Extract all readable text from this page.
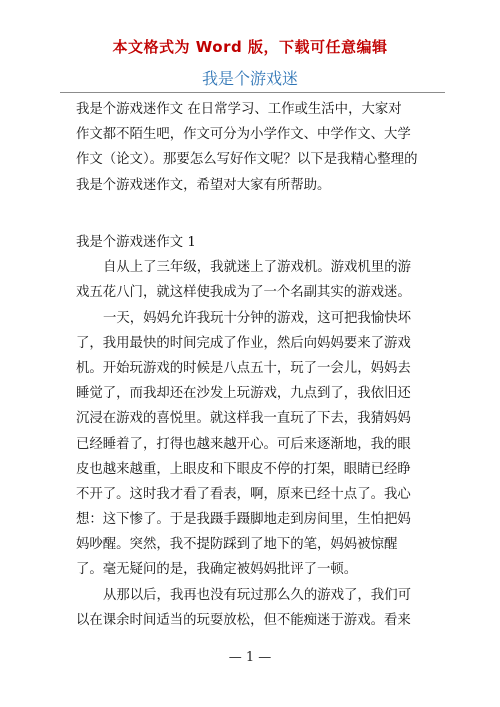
本文格式为 Word 版，下载可任意编辑
我是个游戏迷
我是个游戏迷作文 在日常学习、工作或生活中，大家对
作文都不陌生吧，作文可分为小学作文、中学作文、大学
作文（论文）。那要怎么写好作文呢？以下是我精心整理的
我是个游戏迷作文，希望对大家有所帮助。
我是个游戏迷作文 1
自从上了三年级，我就迷上了游戏机。游戏机里的游
戏五花八门，就这样使我成为了一个名副其实的游戏迷。
一天，妈妈允许我玩十分钟的游戏，这可把我愉快坏
了，我用最快的时间完成了作业，然后向妈妈要来了游戏
机。开始玩游戏的时候是八点五十，玩了一会儿，妈妈去
睡觉了，而我却还在沙发上玩游戏，九点到了，我依旧还
沉浸在游戏的喜悦里。就这样我一直玩了下去，我猜妈妈
已经睡着了，打得也越来越开心。可后来逐渐地，我的眼
皮也越来越重，上眼皮和下眼皮不停的打架，眼睛已经睁
不开了。这时我才看了看表，啊，原来已经十点了。我心
想：这下惨了。于是我蹑手蹑脚地走到房间里，生怕把妈
妈吵醒。突然，我不提防踩到了地下的笔，妈妈被惊醒
了。毫无疑问的是，我确定被妈妈批评了一顿。
从那以后，我再也没有玩过那么久的游戏了，我们可
以在课余时间适当的玩耍放松，但不能痴迷于游戏。看来
— 1 —
